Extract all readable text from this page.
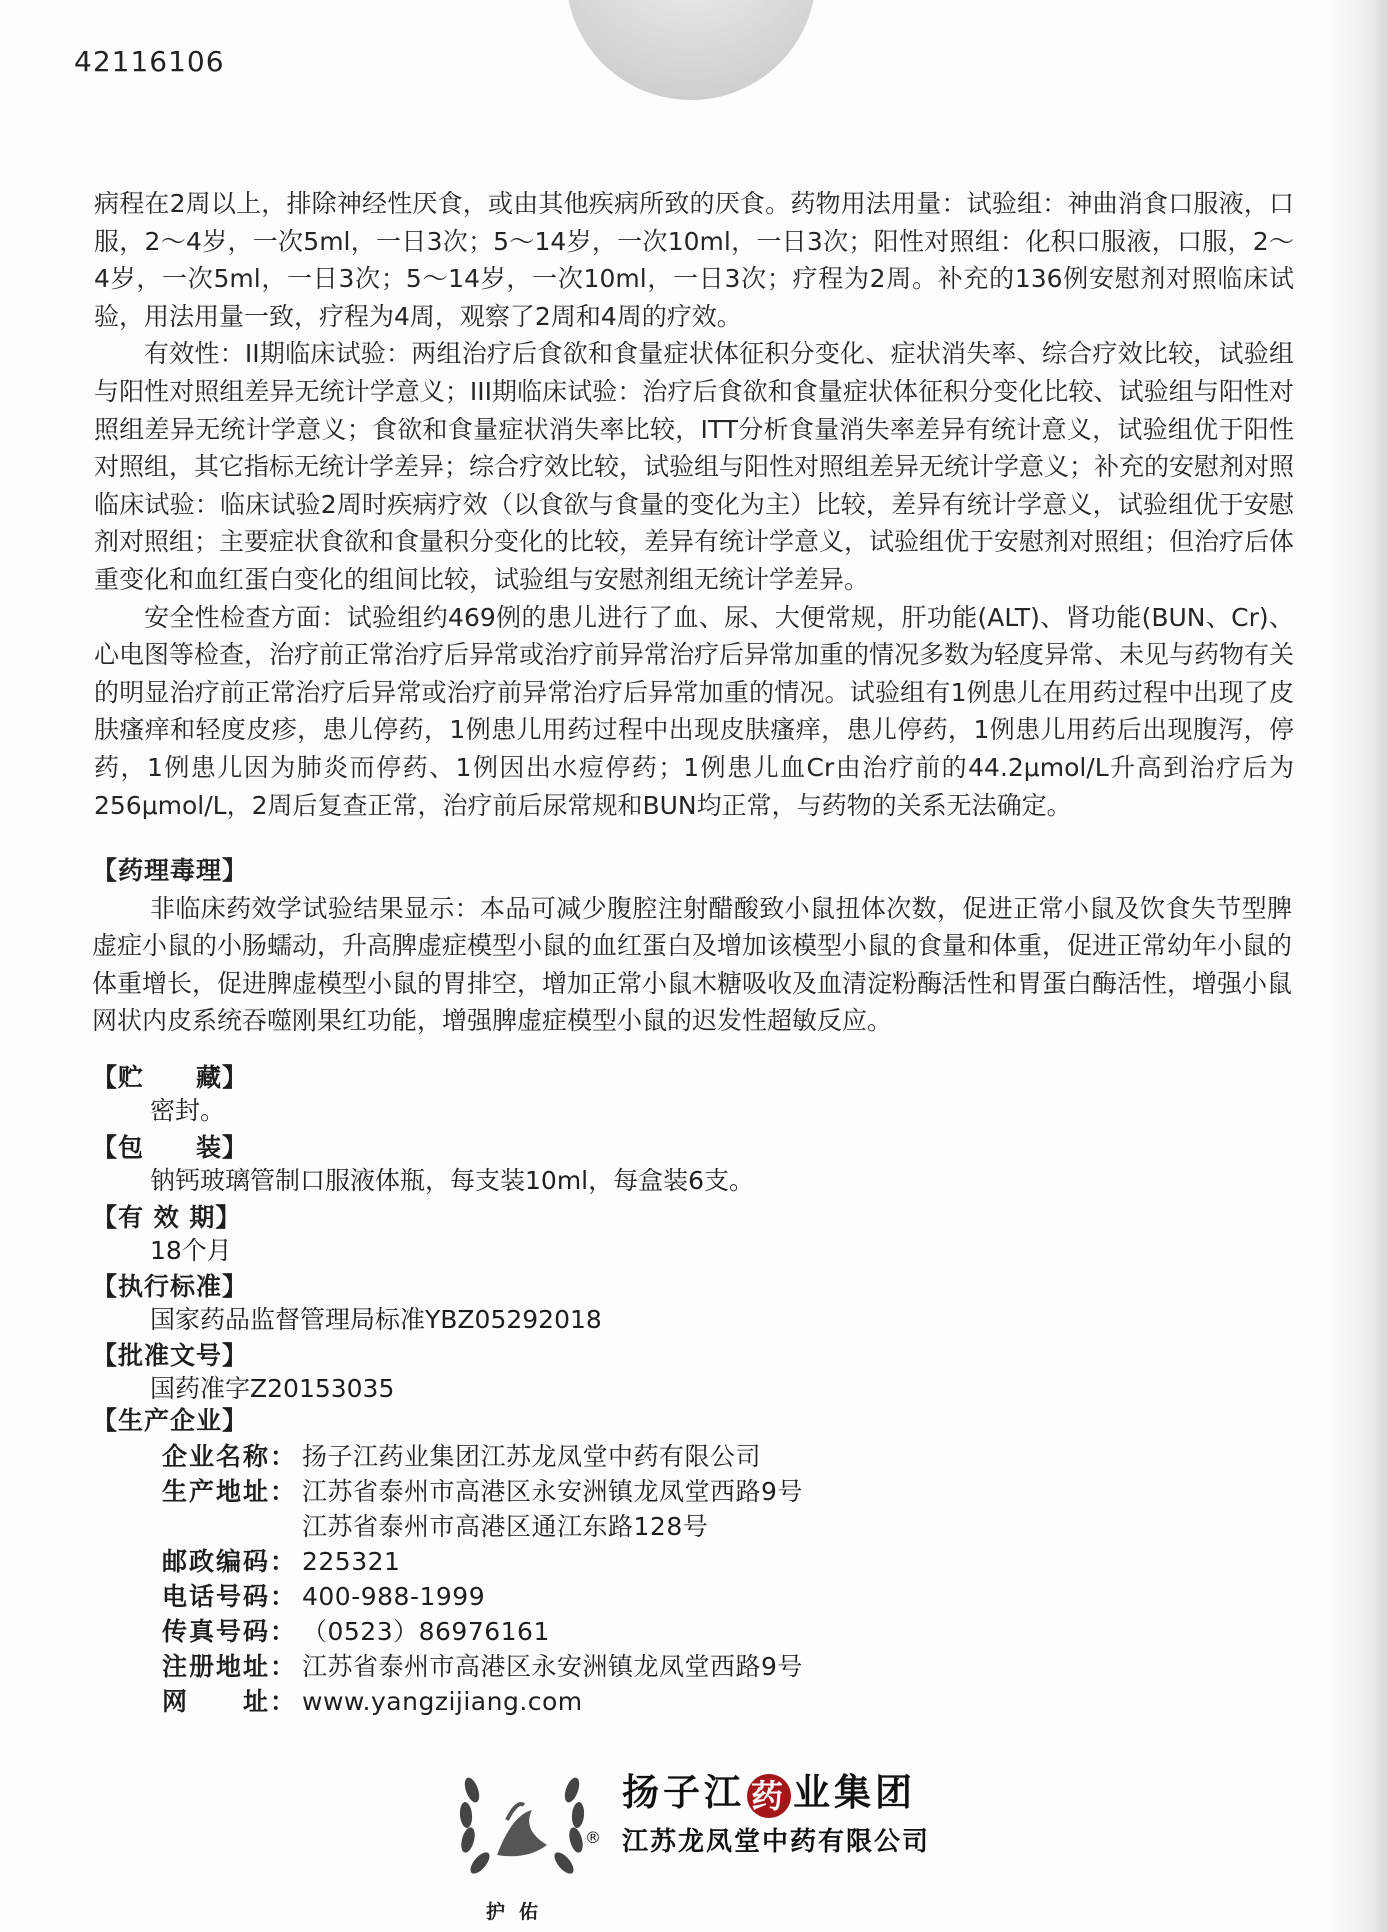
42116106

病程在2周以上，排除神经性厌食，或由其他疾病所致的厌食。药物用法用量：试验组：神曲消食口服液，口服，2～4岁，一次5ml，一日3次；5～14岁，一次10ml，一日3次；阳性对照组：化积口服液，口服，2～4岁，一次5ml，一日3次；5～14岁，一次10ml，一日3次；疗程为2周。补充的136例安慰剂对照临床试验，用法用量一致，疗程为4周，观察了2周和4周的疗效。

有效性：II期临床试验：两组治疗后食欲和食量症状体征积分变化、症状消失率、综合疗效比较，试验组与阳性对照组差异无统计学意义；III期临床试验：治疗后食欲和食量症状体征积分变化比较、试验组与阳性对照组差异无统计学意义；食欲和食量症状消失率比较，ITT分析食量消失率差异有统计意义，试验组优于阳性对照组，其它指标无统计学差异；综合疗效比较，试验组与阳性对照组差异无统计学意义；补充的安慰剂对照临床试验：临床试验2周时疾病疗效（以食欲与食量的变化为主）比较，差异有统计学意义，试验组优于安慰剂对照组；主要症状食欲和食量积分变化的比较，差异有统计学意义，试验组优于安慰剂对照组；但治疗后体重变化和血红蛋白变化的组间比较，试验组与安慰剂组无统计学差异。

安全性检查方面：试验组约469例的患儿进行了血、尿、大便常规，肝功能(ALT)、肾功能(BUN、Cr)、心电图等检查，治疗前正常治疗后异常或治疗前异常治疗后异常加重的情况多数为轻度异常、未见与药物有关的明显治疗前正常治疗后异常或治疗前异常治疗后异常加重的情况。试验组有1例患儿在用药过程中出现了皮肤瘙痒和轻度皮疹，患儿停药，1例患儿用药过程中出现皮肤瘙痒，患儿停药，1例患儿用药后出现腹泻，停药，1例患儿因为肺炎而停药、1例因出水痘停药；1例患儿血Cr由治疗前的44.2μmol/L升高到治疗后为256μmol/L，2周后复查正常，治疗前后尿常规和BUN均正常，与药物的关系无法确定。

【药理毒理】
非临床药效学试验结果显示：本品可减少腹腔注射醋酸致小鼠扭体次数，促进正常小鼠及饮食失节型脾虚症小鼠的小肠蠕动，升高脾虚症模型小鼠的血红蛋白及增加该模型小鼠的食量和体重，促进正常幼年小鼠的体重增长，促进脾虚模型小鼠的胃排空，增加正常小鼠木糖吸收及血清淀粉酶活性和胃蛋白酶活性，增强小鼠网状内皮系统吞噬刚果红功能，增强脾虚症模型小鼠的迟发性超敏反应。
【贮　　藏】
密封。
【包　　装】
钠钙玻璃管制口服液体瓶，每支装10ml，每盒装6支。
【有 效 期】
18个月
【执行标准】
国家药品监督管理局标准YBZ05292018
【批准文号】
国药准字Z20153035
【生产企业】
企业名称： 扬子江药业集团江苏龙凤堂中药有限公司
生产地址： 江苏省泰州市高港区永安洲镇龙凤堂西路9号
江苏省泰州市高港区通江东路128号
邮政编码： 225321
电话号码： 400-988-1999
传真号码： （0523）86976161
注册地址： 江苏省泰州市高港区永安洲镇龙凤堂西路9号
网　　址： www.yangzijiang.com
®
护佑
扬子江 药 业集团
江苏龙凤堂中药有限公司
